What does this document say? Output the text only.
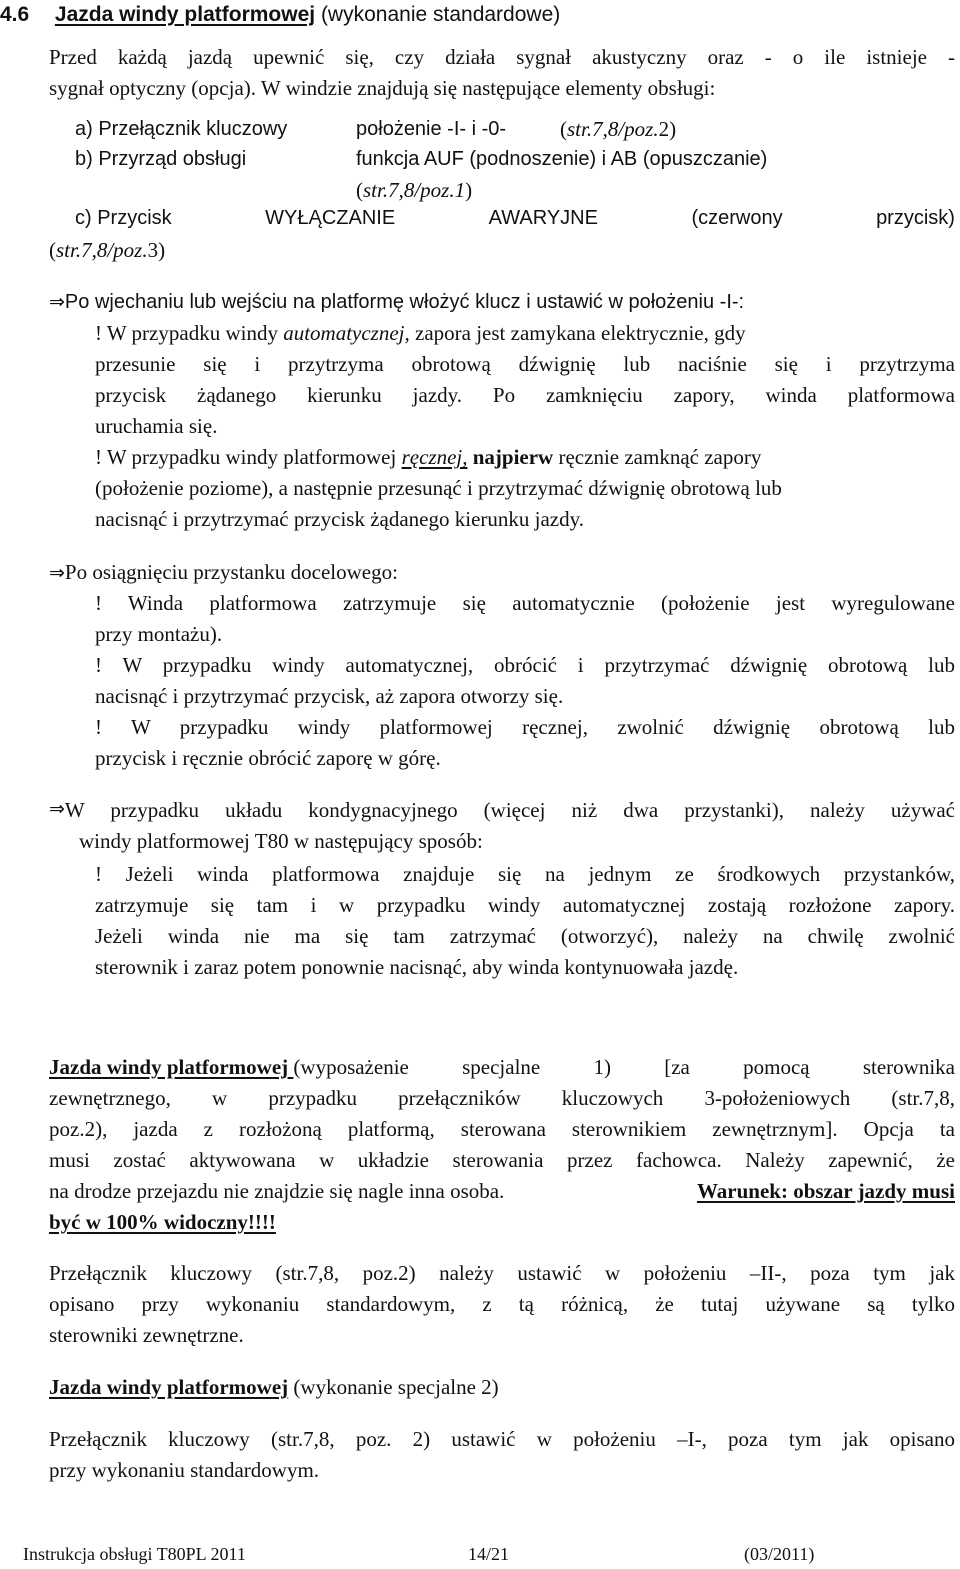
4.6 Jazda windy platformowej (wykonanie standardowe)
Przed każdą jazdą upewnić się, czy działa sygnał akustyczny oraz - o ile istnieje -
sygnał optyczny (opcja). W windzie znajdują się następujące elementy obsługi:
a) Przełącznik kluczowy	położenie -I- i -0-	(str.7,8/poz.2)
b) Przyrząd obsługi	funkcja AUF (podnoszenie) i AB (opuszczanie)
(str.7,8/poz.1)
c) Przycisk	WYŁĄCZANIE	AWARYJNE	(czerwony	przycisk)
(str.7,8/poz.3)
⇒Po wjechaniu lub wejściu na platformę włożyć klucz i ustawić w położeniu -I-:
! W przypadku windy automatycznej, zapora jest zamykana elektrycznie, gdy
przesunie się i przytrzyma obrotową dźwignię lub naciśnie się i przytrzyma
przycisk żądanego kierunku jazdy. Po zamknięciu zapory, winda platformowa
uruchamia się.
! W przypadku windy platformowej ręcznej, najpierw ręcznie zamknąć zapory
(położenie poziome), a następnie przesunąć i przytrzymać dźwignię obrotową lub
nacisnąć i przytrzymać przycisk żądanego kierunku jazdy.
⇒Po osiągnięciu przystanku docelowego:
! Winda platformowa zatrzymuje się automatycznie (położenie jest wyregulowane
przy montażu).
! W przypadku windy automatycznej, obrócić i przytrzymać dźwignię obrotową lub
nacisnąć i przytrzymać przycisk, aż zapora otworzy się.
! W przypadku windy platformowej ręcznej, zwolnić dźwignię obrotową lub
przycisk i ręcznie obrócić zaporę w górę.
⇒ W przypadku układu kondygnacyjnego (więcej niż dwa przystanki), należy używać
windy platformowej T80 w następujący sposób:
! Jeżeli winda platformowa znajduje się na jednym ze środkowych przystanków,
zatrzymuje się tam i w przypadku windy automatycznej zostają rozłożone zapory.
Jeżeli winda nie ma się tam zatrzymać (otworzyć), należy na chwilę zwolnić
sterownik i zaraz potem ponownie nacisnąć, aby winda kontynuowała jazdę.
Jazda windy platformowej (wyposażenie specjalne 1) [za pomocą sterownika
zewnętrznego, w przypadku przełączników kluczowych 3-położeniowych (str.7,8,
poz.2), jazda z rozłożoną platformą, sterowana sterownikiem zewnętrznym]. Opcja ta
musi zostać aktywowana w układzie sterowania przez fachowca. Należy zapewnić, że
na drodze przejazdu nie znajdzie się nagle inna osoba.	Warunek: obszar jazdy musi
być w 100% widoczny!!!!
Przełącznik kluczowy (str.7,8, poz.2) należy ustawić w położeniu –II-, poza tym jak
opisano przy wykonaniu standardowym, z tą różnicą, że tutaj używane są tylko
sterowniki zewnętrzne.
Jazda windy platformowej (wykonanie specjalne 2)
Przełącznik kluczowy (str.7,8, poz. 2) ustawić w położeniu –I-, poza tym jak opisano
przy wykonaniu standardowym.
Instrukcja obsługi T80PL 2011	14/21	(03/2011)
